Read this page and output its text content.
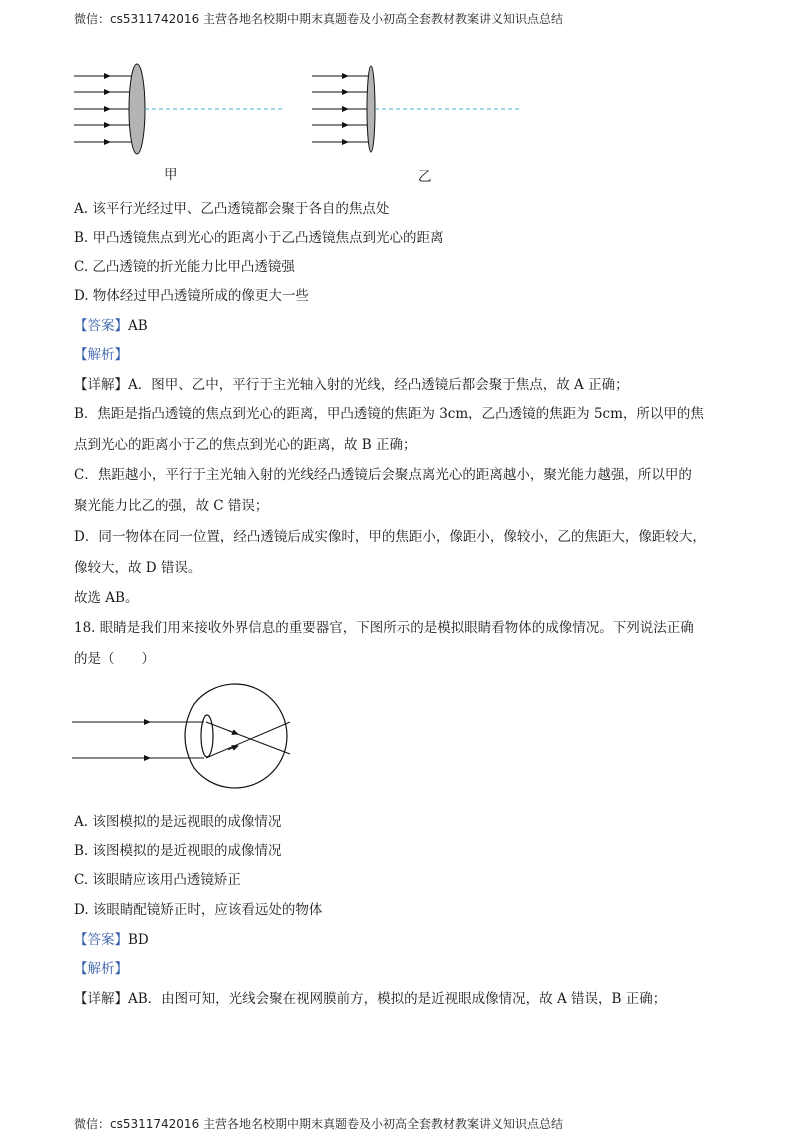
微信：cs5311742016 主营各地名校期中期末真题卷及小初高全套教材教案讲义知识点总结
甲	乙
A. 该平行光经过甲、乙凸透镜都会聚于各自的焦点处
B. 甲凸透镜焦点到光心的距离小于乙凸透镜焦点到光心的距离
C. 乙凸透镜的折光能力比甲凸透镜强
D. 物体经过甲凸透镜所成的像更大一些
【答案】AB
【解析】
【详解】A．图甲、乙中，平行于主光轴入射的光线，经凸透镜后都会聚于焦点，故 A 正确；
B．焦距是指凸透镜的焦点到光心的距离，甲凸透镜的焦距为 3cm，乙凸透镜的焦距为 5cm，所以甲的焦
点到光心的距离小于乙的焦点到光心的距离，故 B 正确；
C．焦距越小，平行于主光轴入射的光线经凸透镜后会聚点离光心的距离越小，聚光能力越强，所以甲的
聚光能力比乙的强，故 C 错误；
D．同一物体在同一位置，经凸透镜后成实像时，甲的焦距小，像距小，像较小，乙的焦距大，像距较大，
像较大，故 D 错误。
故选 AB。
18. 眼睛是我们用来接收外界信息的重要器官，下图所示的是模拟眼睛看物体的成像情况。下列说法正确
的是（　　）
A. 该图模拟的是远视眼的成像情况
B. 该图模拟的是近视眼的成像情况
C. 该眼睛应该用凸透镜矫正
D. 该眼睛配镜矫正时，应该看远处的物体
【答案】BD
【解析】
【详解】AB．由图可知，光线会聚在视网膜前方，模拟的是近视眼成像情况，故 A 错误，B 正确；
微信：cs5311742016 主营各地名校期中期末真题卷及小初高全套教材教案讲义知识点总结
